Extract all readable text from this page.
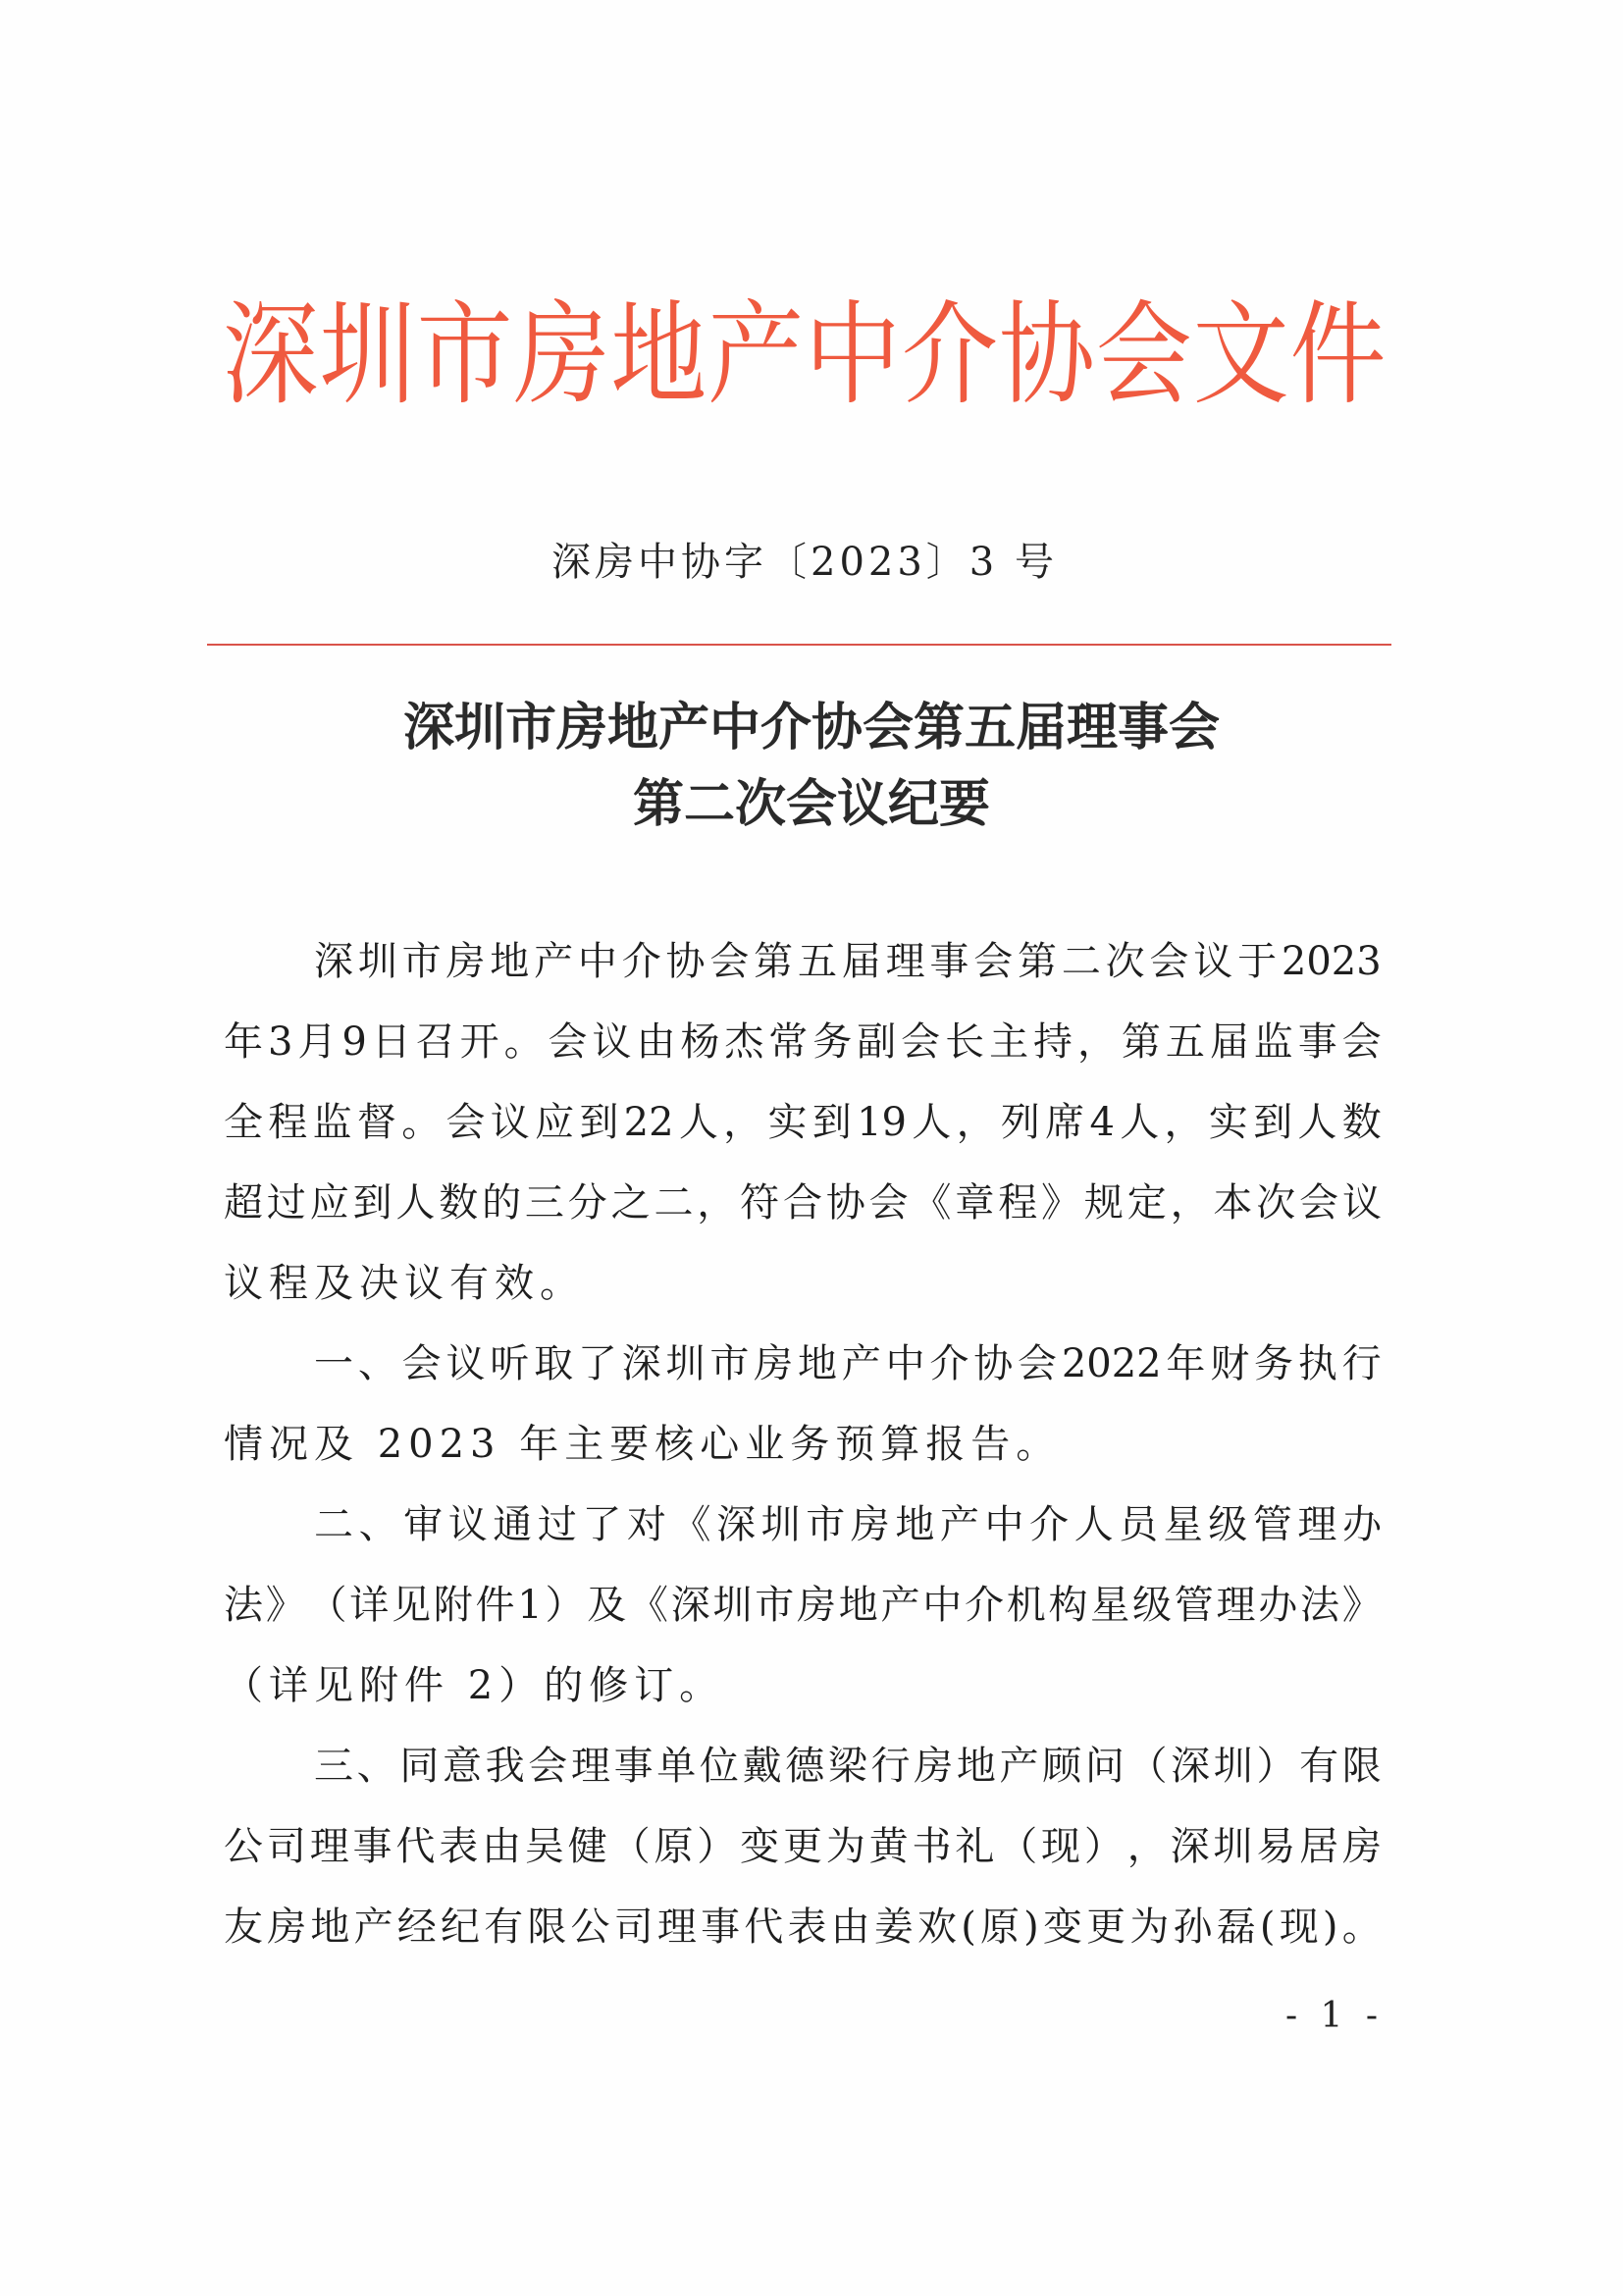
深圳市房地产中介协会文件
深房中协字〔2023〕3 号
深圳市房地产中介协会第五届理事会
第二次会议纪要
深 圳 市 房 地 产 中 介 协 会 第 五 届 理 事 会 第 二 次 会 议 于 2023
年 3 月 9 日 召 开 。 会 议 由 杨 杰 常 务 副 会 长 主 持 ， 第 五 届 监 事 会
全 程 监 督 。 会 议 应 到 22 人 ， 实 到 19 人 ， 列 席 4 人 ， 实 到 人 数
超 过 应 到 人 数 的 三 分 之 二 ， 符 合 协 会 《 章 程 》 规 定 ， 本 次 会 议
议程及决议有效。
一 、 会 议 听 取 了 深 圳 市 房 地 产 中 介 协 会 2022 年 财 务 执 行
情况及 2023 年主要核心业务预算报告。
二 、 审 议 通 过 了 对 《 深 圳 市 房 地 产 中 介 人 员 星 级 管 理 办
法 》 （ 详 见 附 件 1 ） 及 《 深 圳 市 房 地 产 中 介 机 构 星 级 管 理 办 法 》
（详见附件 2）的修订。
三 、 同 意 我 会 理 事 单 位 戴 德 梁 行 房 地 产 顾 问 （ 深 圳 ） 有 限
公 司 理 事 代 表 由 吴 健 （ 原 ） 变 更 为 黄 书 礼 （ 现 ） ， 深 圳 易 居 房
友 房 地 产 经 纪 有 限 公 司 理 事 代 表 由 姜 欢 ( 原 ) 变 更 为 孙 磊 ( 现 ) 。
- 1 -
